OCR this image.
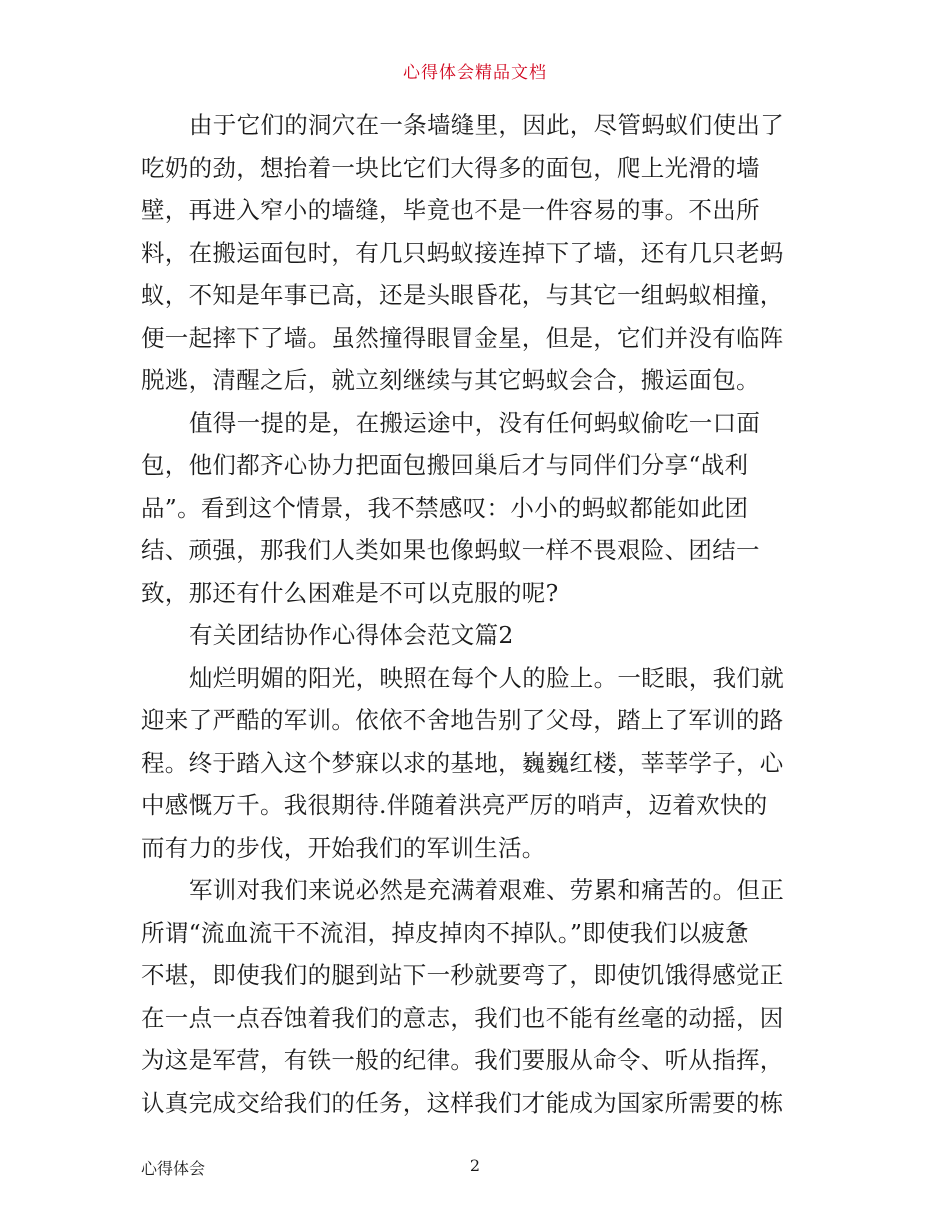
心得体会精品文档
由于它们的洞穴在一条墙缝里，因此，尽管蚂蚁们使出了
吃奶的劲，想抬着一块比它们大得多的面包，爬上光滑的墙
壁，再进入窄小的墙缝，毕竟也不是一件容易的事。不出所
料，在搬运面包时，有几只蚂蚁接连掉下了墙，还有几只老蚂
蚁，不知是年事已高，还是头眼昏花，与其它一组蚂蚁相撞，
便一起摔下了墙。虽然撞得眼冒金星，但是，它们并没有临阵
脱逃，清醒之后，就立刻继续与其它蚂蚁会合，搬运面包。
值得一提的是，在搬运途中，没有任何蚂蚁偷吃一口面
包，他们都齐心协力把面包搬回巢后才与同伴们分享“战利
品”。看到这个情景，我不禁感叹：小小的蚂蚁都能如此团
结、顽强，那我们人类如果也像蚂蚁一样不畏艰险、团结一
致，那还有什么困难是不可以克服的呢?
有关团结协作心得体会范文篇2
灿烂明媚的阳光，映照在每个人的脸上。一眨眼，我们就
迎来了严酷的军训。依依不舍地告别了父母，踏上了军训的路
程。终于踏入这个梦寐以求的基地，巍巍红楼，莘莘学子，心
中感慨万千。我很期待.伴随着洪亮严厉的哨声，迈着欢快的
而有力的步伐，开始我们的军训生活。
军训对我们来说必然是充满着艰难、劳累和痛苦的。但正
所谓“流血流干不流泪，掉皮掉肉不掉队。”即使我们以疲惫
不堪，即使我们的腿到站下一秒就要弯了，即使饥饿得感觉正
在一点一点吞蚀着我们的意志，我们也不能有丝毫的动摇，因
为这是军营，有铁一般的纪律。我们要服从命令、听从指挥，
认真完成交给我们的任务，这样我们才能成为国家所需要的栋
心得体会	2
